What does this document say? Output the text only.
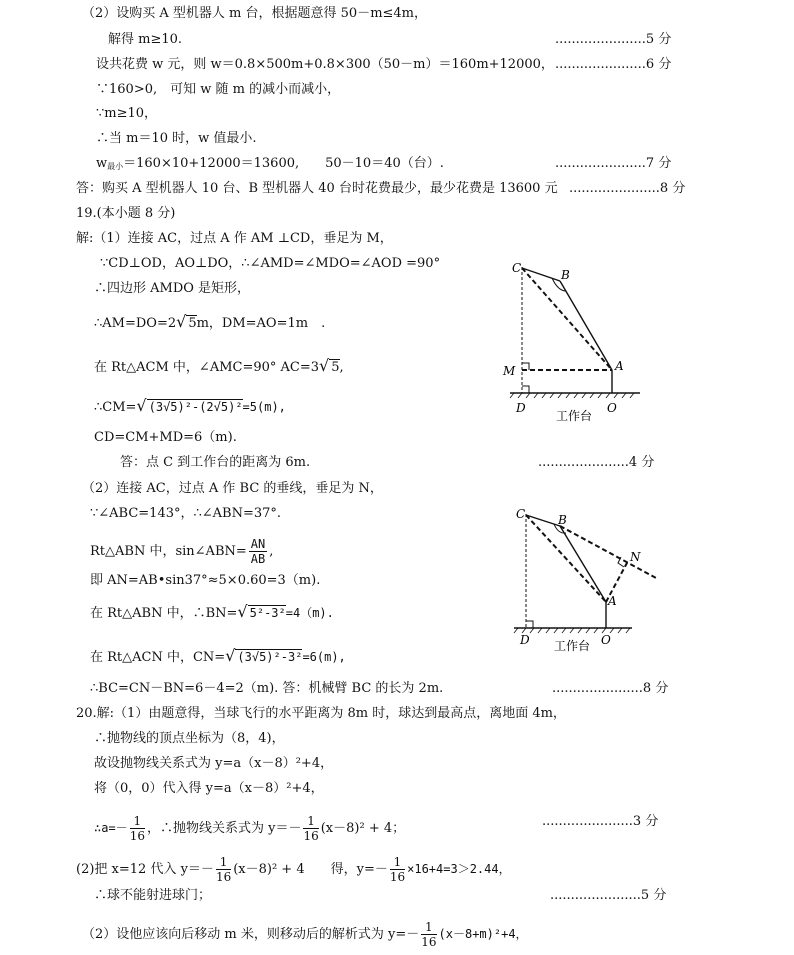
（2）设购买 A 型机器人 m 台，根据题意得 50－m≤4m，
......................5 分
解得 m≥10.
设共花费 w 元，则 w＝0.8×500m+0.8×300（50－m）＝160m+12000， ......................6 分
∵160>0,　可知 w 随 m 的减小而减小，
∵m≥10，
∴当 m＝10 时，w 值最小.
$w_{最小}=160\times 10+12000=13600$,　　50－10＝40（台）.	......................7 分
答：购买 A 型机器人 10 台、B 型机器人 40 台时花费最少，最少花费是 13600 元 ......................8 分
19.(本小题 8 分)
解:（1）连接 AC，过点 A 作 AM ⊥CD，垂足为 M，
∵CD⊥OD，AO⊥DO，∴∠AMD=∠MDO=∠AOD =90°
∴四边形 AMDO 是矩形，
∴AM=DO=2√ 5m，DM=AO=1m　.
在 Rt△ACM 中，∠AMC=90° AC=3√ 5,
∴CM=√ (3√5)²-(2√5)²=5(m),
CD=CM+MD=6（m).
答：点 C 到工作台的距离为 6m.	......................4 分
（2）连接 AC，过点 A 作 BC 的垂线，垂足为 N，
∵∠ABC=143°，∴∠ABN=37°.
Rt△ABN 中，sin∠ABN= $\frac{AN}{AB}$ ,
即 AN=AB•sin37°≈5×0.60=3（m).
在 Rt△ABN 中，∴BN=√ 5²-3²=4（m).
在 Rt△ACN 中，CN=√ (3√5)²-3²=6(m),
∴BC=CN－BN=6－4=2（m). 答：机械臂 BC 的长为 2m.	......................8 分
20.解:（1）由题意得，当球飞行的水平距离为 8m 时，球达到最高点，离地面 4m，
∴抛物线的顶点坐标为（8，4)，
故设抛物线关系式为 y=a（x－8）²+4，
将（0，0）代入得 y=a（x－8）²+4，
∴a=－ $\frac{1}{16}$ ，∴抛物线关系式为 $y=- \frac{1}{16} (x-8)^2 + 4$；	......................3 分
(2)把 x=12 代入 $y=- \frac{1}{16} (x-8)^2 + 4$　　得，$y=- \frac{1}{16} \times 16+4=3>2.44$，
∴球不能射进球门；	......................5 分
（2）设他应该向后移动 m 米，则移动后的解析式为 $y=- \frac{1}{16} (x-8+m)^2+4$，
C	B
M	A
D	O
工作台
C	B
N
A
D	O
工作台
